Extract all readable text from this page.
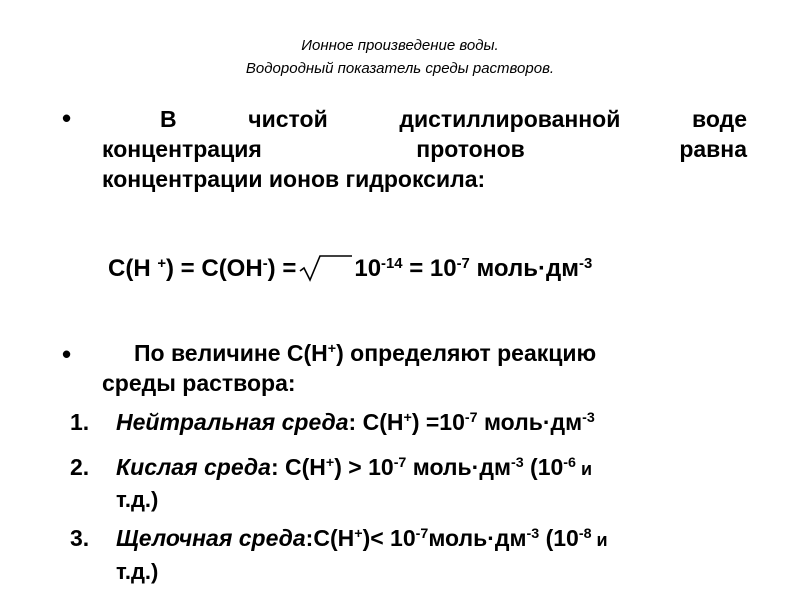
Ионное произведение воды.
Водородный показатель среды растворов.
•	В чистой дистиллированной воде
концентрация протонов равна
концентрации ионов гидроксила:
С(Н $^+) = С(ОН^-) = 10^{-14} = 10^{-7}$ $моль\cdot дм^{-3}$
•	По величине С(Н+) определяют реакцию
среды раствора:
1. Нейтральная среда: $С(Н^+) =10^{-7}$ $моль\cdot дм^{-3}$
2. Кислая среда: $С(Н^+) > 10^{-7}$ $моль\cdot дм^{-3}$ ($10^{-6}$ и
т.д.)
3. Щелочная среда:С(Н+)< $10^{-7}моль\cdot дм^{-3}$ ($10^{-8}$ и
т.д.)
